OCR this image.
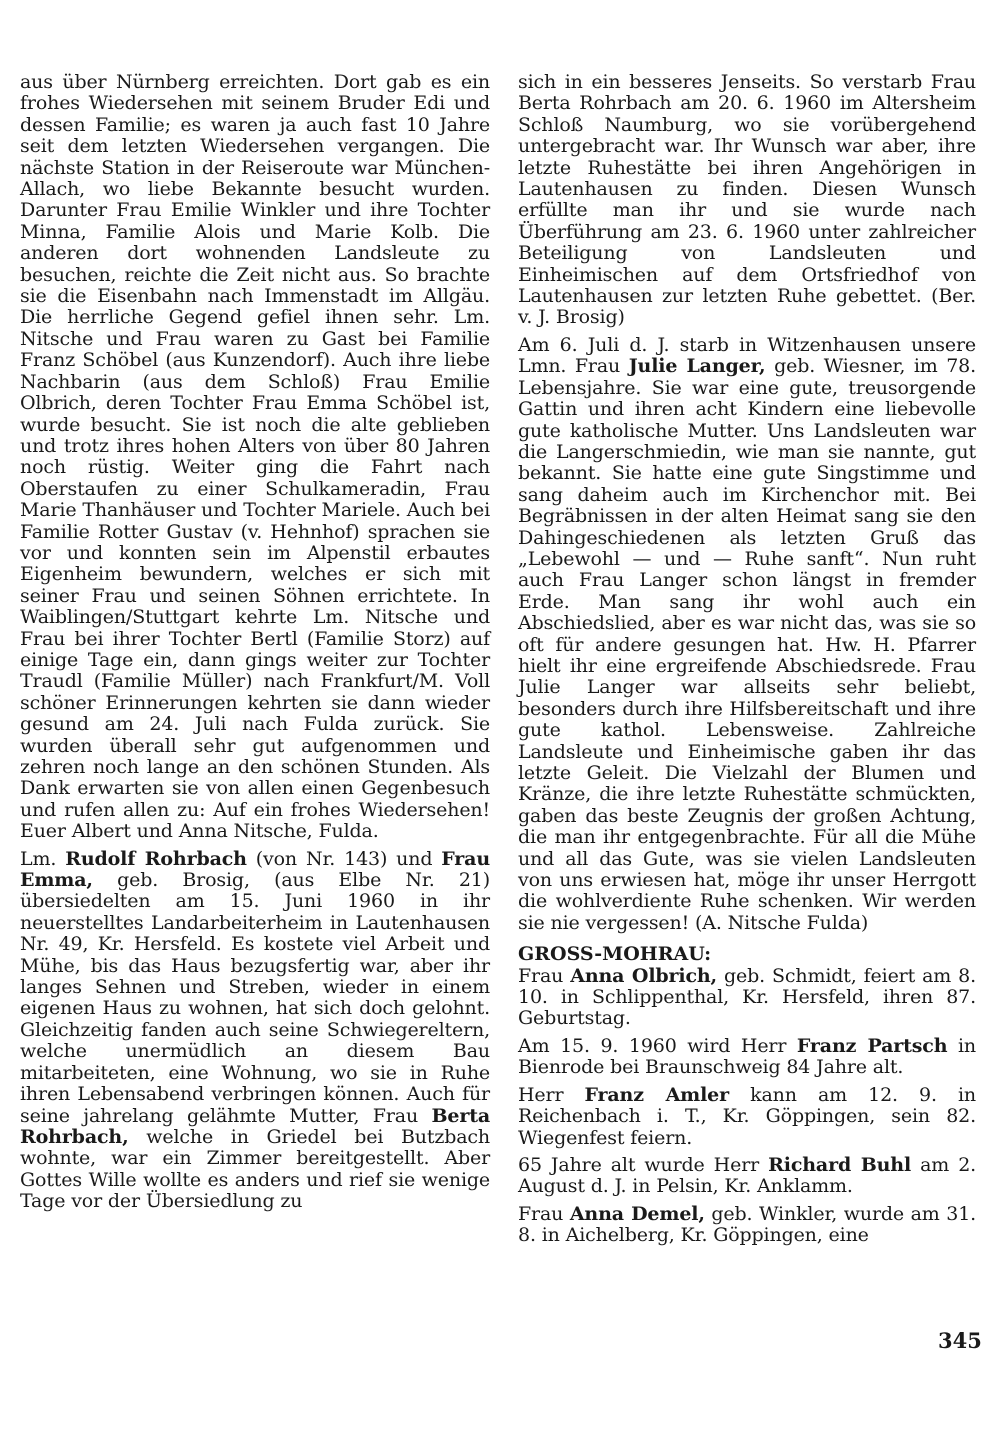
aus über Nürnberg erreichten. Dort gab es ein frohes Wiedersehen mit seinem Bruder Edi und dessen Familie; es waren ja auch fast 10 Jahre seit dem letzten Wiedersehen vergangen. Die nächste Station in der Reiseroute war München-Allach, wo liebe Bekannte besucht wurden. Darunter Frau Emilie Winkler und ihre Tochter Minna, Familie Alois und Marie Kolb. Die anderen dort wohnenden Landsleute zu besuchen, reichte die Zeit nicht aus. So brachte sie die Eisenbahn nach Immenstadt im Allgäu. Die herrliche Gegend gefiel ihnen sehr. Lm. Nitsche und Frau waren zu Gast bei Familie Franz Schöbel (aus Kunzendorf). Auch ihre liebe Nachbarin (aus dem Schloß) Frau Emilie Olbrich, deren Tochter Frau Emma Schöbel ist, wurde besucht. Sie ist noch die alte geblieben und trotz ihres hohen Alters von über 80 Jahren noch rüstig. Weiter ging die Fahrt nach Oberstaufen zu einer Schulkameradin, Frau Marie Thanhäuser und Tochter Mariele. Auch bei Familie Rotter Gustav (v. Hehnhof) sprachen sie vor und konnten sein im Alpenstil erbautes Eigenheim bewundern, welches er sich mit seiner Frau und seinen Söhnen errichtete. In Waiblingen/Stuttgart kehrte Lm. Nitsche und Frau bei ihrer Tochter Bertl (Familie Storz) auf einige Tage ein, dann gings weiter zur Tochter Traudl (Familie Müller) nach Frankfurt/M. Voll schöner Erinnerungen kehrten sie dann wieder gesund am 24. Juli nach Fulda zurück. Sie wurden überall sehr gut aufgenommen und zehren noch lange an den schönen Stunden. Als Dank erwarten sie von allen einen Gegenbesuch und rufen allen zu: Auf ein frohes Wiedersehen! Euer Albert und Anna Nitsche, Fulda.

Lm. Rudolf Rohrbach (von Nr. 143) und Frau Emma, geb. Brosig, (aus Elbe Nr. 21) übersiedelten am 15. Juni 1960 in ihr neuerstelltes Landarbeiterheim in Lautenhausen Nr. 49, Kr. Hersfeld. Es kostete viel Arbeit und Mühe, bis das Haus bezugsfertig war, aber ihr langes Sehnen und Streben, wieder in einem eigenen Haus zu wohnen, hat sich doch gelohnt. Gleichzeitig fanden auch seine Schwiegereltern, welche unermüdlich an diesem Bau mitarbeiteten, eine Wohnung, wo sie in Ruhe ihren Lebensabend verbringen können. Auch für seine jahrelang gelähmte Mutter, Frau Berta Rohrbach, welche in Griedel bei Butzbach wohnte, war ein Zimmer bereitgestellt. Aber Gottes Wille wollte es anders und rief sie wenige Tage vor der Übersiedlung zu

sich in ein besseres Jenseits. So verstarb Frau Berta Rohrbach am 20. 6. 1960 im Altersheim Schloß Naumburg, wo sie vorübergehend untergebracht war. Ihr Wunsch war aber, ihre letzte Ruhestätte bei ihren Angehörigen in Lautenhausen zu finden. Diesen Wunsch erfüllte man ihr und sie wurde nach Überführung am 23. 6. 1960 unter zahlreicher Beteiligung von Landsleuten und Einheimischen auf dem Ortsfriedhof von Lautenhausen zur letzten Ruhe gebettet. (Ber. v. J. Brosig)

Am 6. Juli d. J. starb in Witzenhausen unsere Lmn. Frau Julie Langer, geb. Wiesner, im 78. Lebensjahre. Sie war eine gute, treusorgende Gattin und ihren acht Kindern eine liebevolle gute katholische Mutter. Uns Landsleuten war die Langerschmiedin, wie man sie nannte, gut bekannt. Sie hatte eine gute Singstimme und sang daheim auch im Kirchenchor mit. Bei Begräbnissen in der alten Heimat sang sie den Dahingeschiedenen als letzten Gruß das „Lebewohl — und — Ruhe sanft“. Nun ruht auch Frau Langer schon längst in fremder Erde. Man sang ihr wohl auch ein Abschiedslied, aber es war nicht das, was sie so oft für andere gesungen hat. Hw. H. Pfarrer hielt ihr eine ergreifende Abschiedsrede. Frau Julie Langer war allseits sehr beliebt, besonders durch ihre Hilfsbereitschaft und ihre gute kathol. Lebensweise. Zahlreiche Landsleute und Einheimische gaben ihr das letzte Geleit. Die Vielzahl der Blumen und Kränze, die ihre letzte Ruhestätte schmückten, gaben das beste Zeugnis der großen Achtung, die man ihr entgegenbrachte. Für all die Mühe und all das Gute, was sie vielen Landsleuten von uns erwiesen hat, möge ihr unser Herrgott die wohlverdiente Ruhe schenken. Wir werden sie nie vergessen! (A. Nitsche Fulda)

GROSS-MOHRAU:

Frau Anna Olbrich, geb. Schmidt, feiert am 8. 10. in Schlippenthal, Kr. Hersfeld, ihren 87. Geburtstag.

Am 15. 9. 1960 wird Herr Franz Partsch in Bienrode bei Braunschweig 84 Jahre alt.

Herr Franz Amler kann am 12. 9. in Reichenbach i. T., Kr. Göppingen, sein 82. Wiegenfest feiern.

65 Jahre alt wurde Herr Richard Buhl am 2. August d. J. in Pelsin, Kr. Anklamm.

Frau Anna Demel, geb. Winkler, wurde am 31. 8. in Aichelberg, Kr. Göppingen, eine

345
